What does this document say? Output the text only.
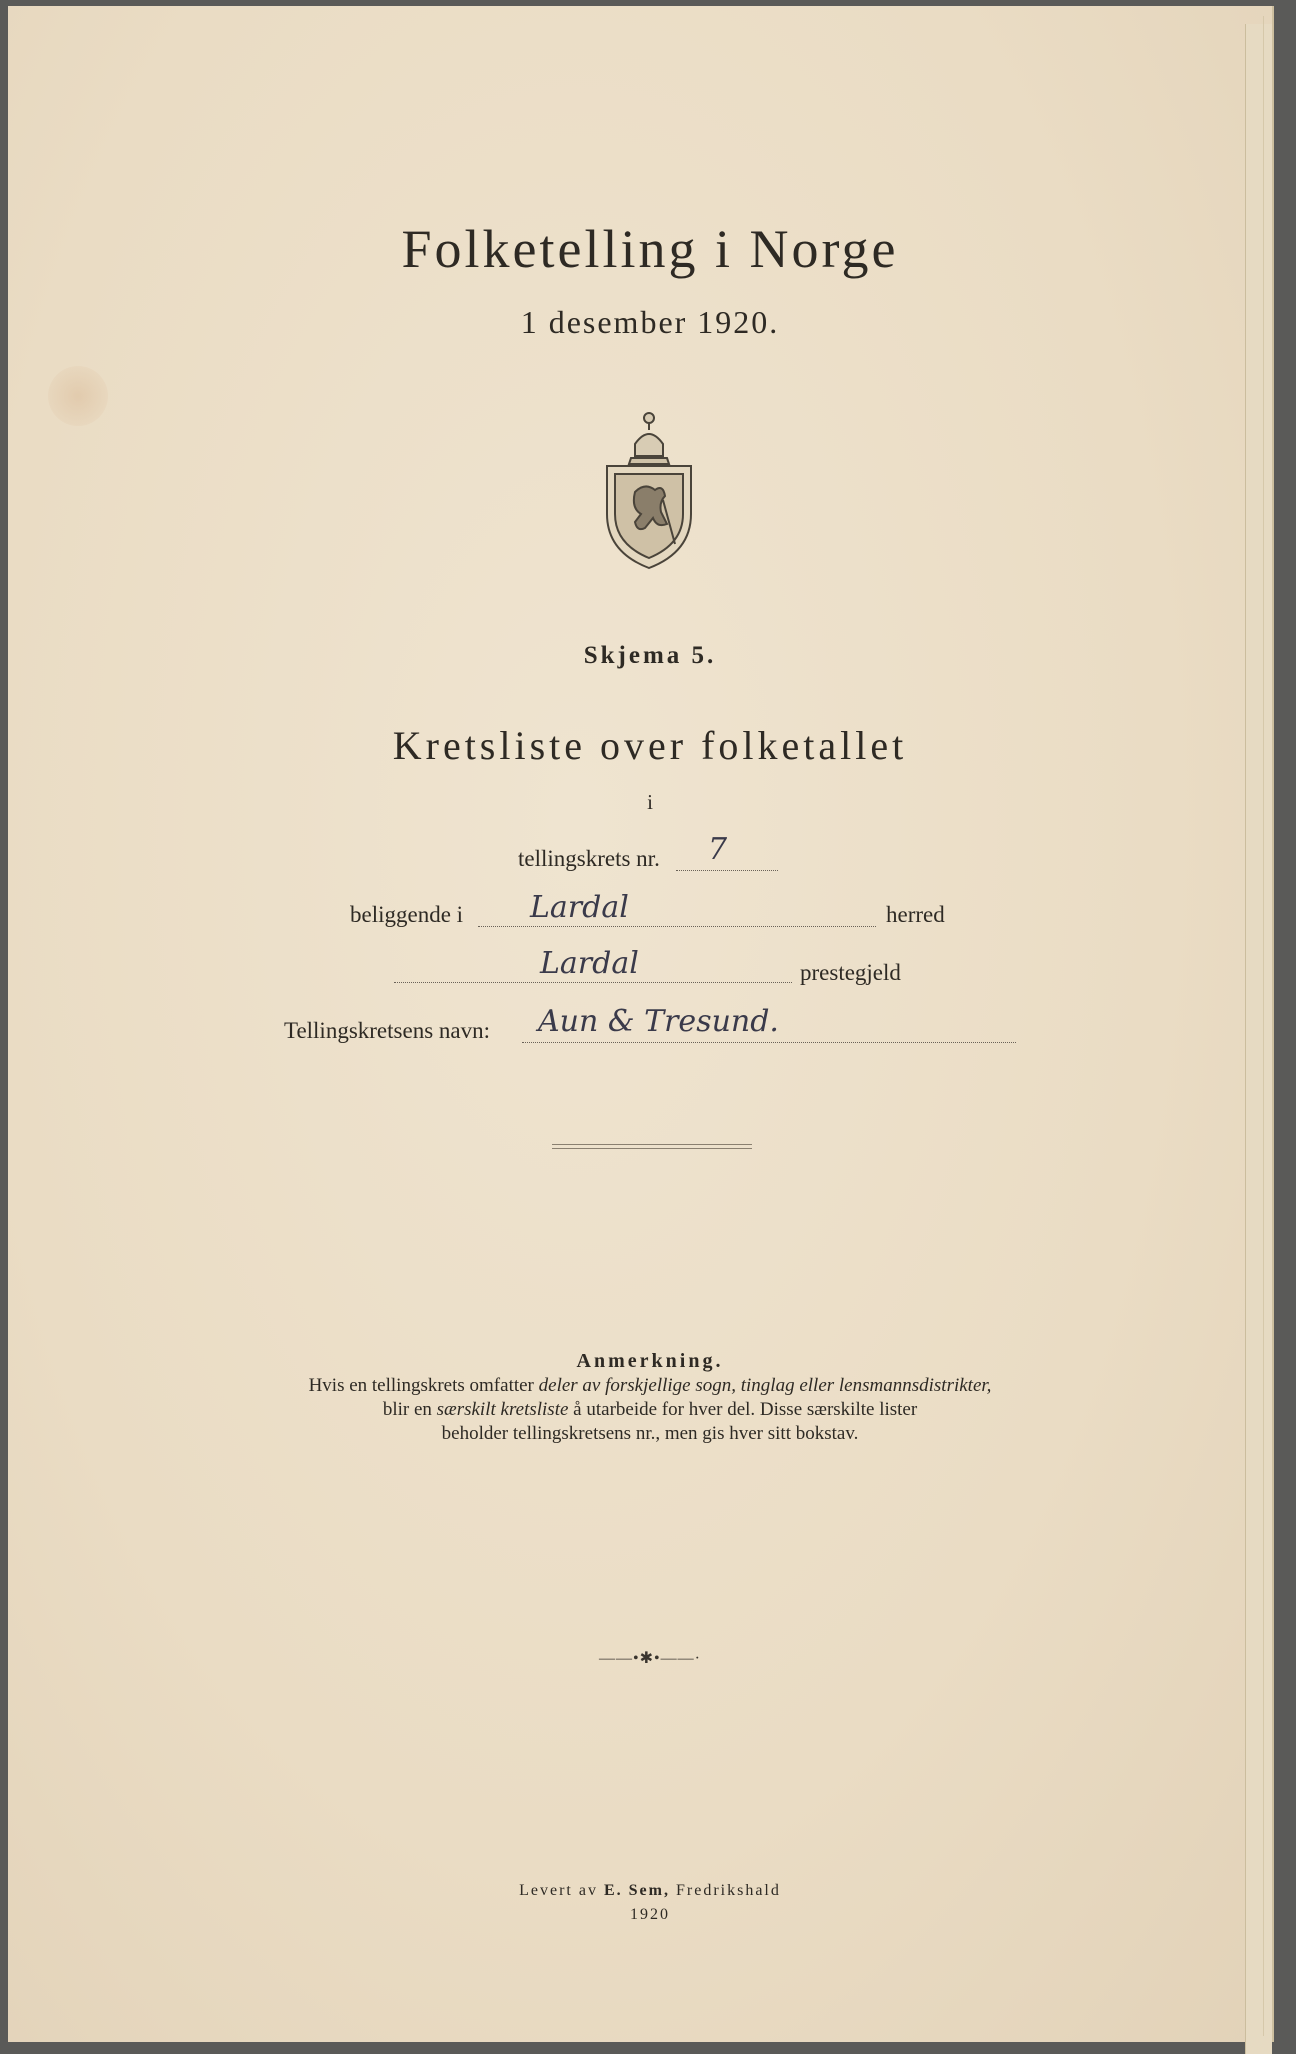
Folketelling i Norge
1 desember 1920.
Skjema 5.
Kretsliste over folketallet
i
tellingskrets nr. 7
beliggende i Lardal	herred
Lardal	prestegjeld
Tellingskretsens navn: Aun & Tresund.
Anmerkning.
Hvis en tellingskrets omfatter deler av forskjellige sogn, tinglag eller lensmannsdistrikter,
blir en særskilt kretsliste å utarbeide for hver del. Disse særskilte lister
beholder tellingskretsens nr., men gis hver sitt bokstav.
——•✱•——·
Levert av E. Sem, Fredrikshald
1920
